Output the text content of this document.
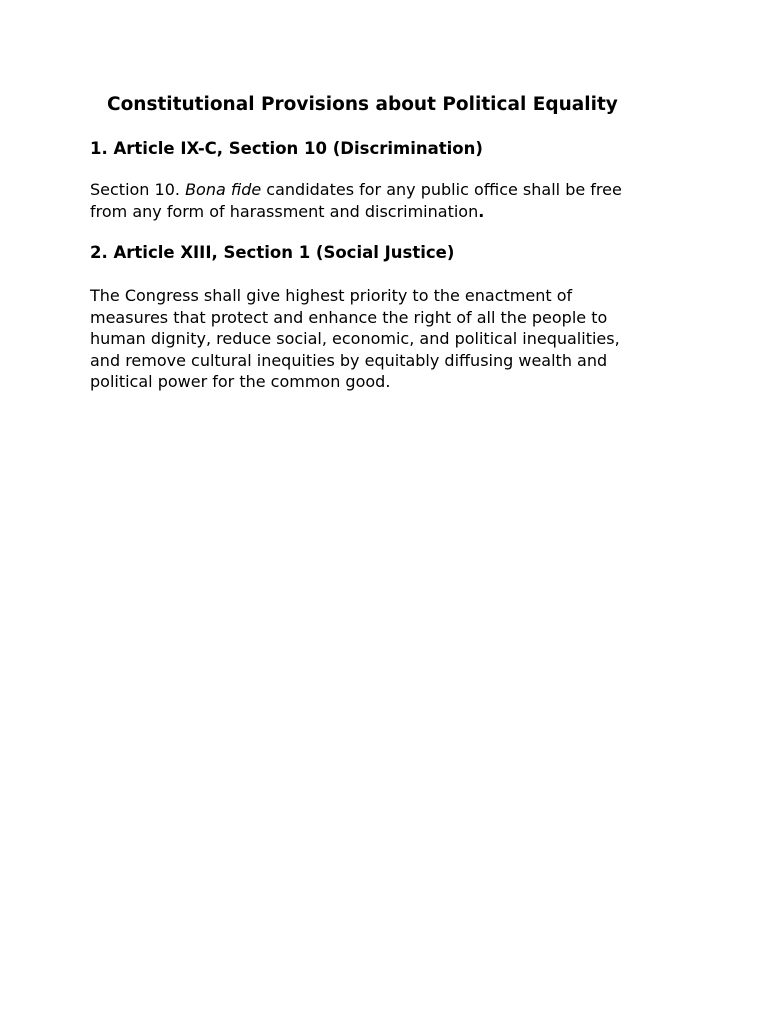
Constitutional Provisions about Political Equality
1. Article IX-C, Section 10 (Discrimination)

Section 10. Bona fide candidates for any public office shall be free
from any form of harassment and discrimination.

2. Article XIII, Section 1 (Social Justice)

The Congress shall give highest priority to the enactment of
measures that protect and enhance the right of all the people to
human dignity, reduce social, economic, and political inequalities,
and remove cultural inequities by equitably diffusing wealth and
political power for the common good.
